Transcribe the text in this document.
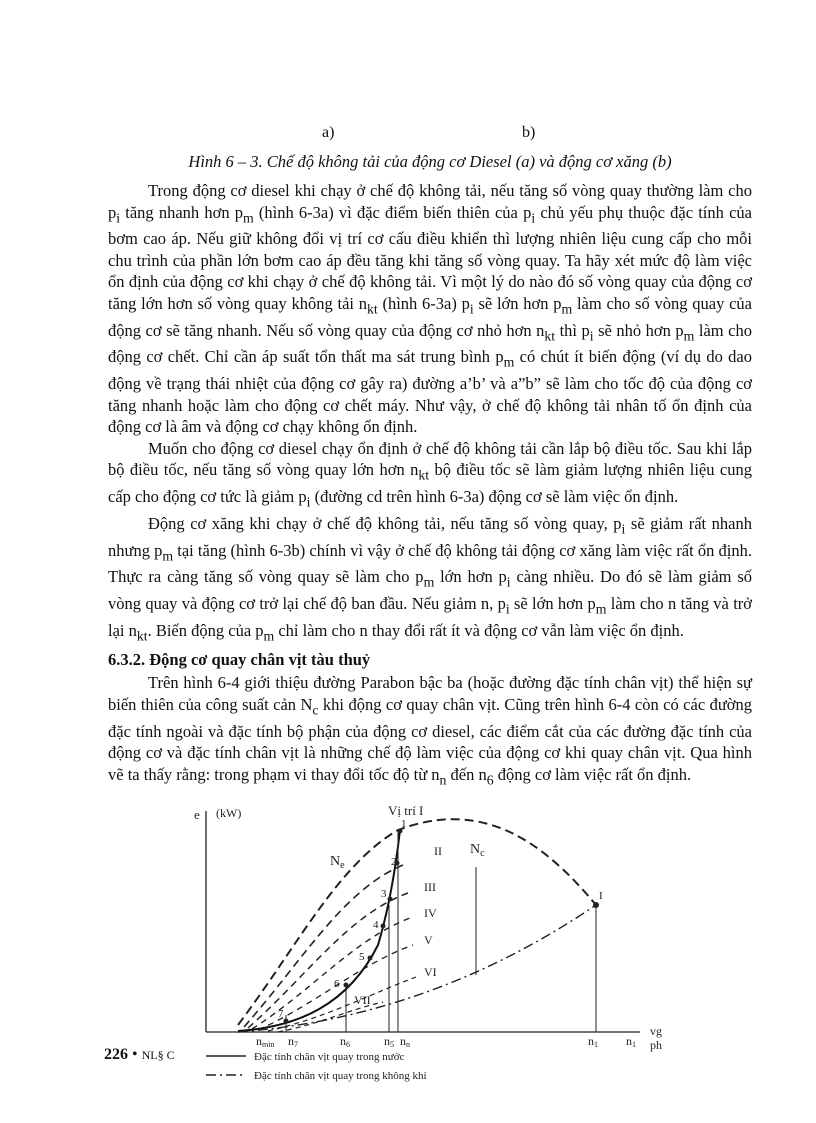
a)	b)
Hình 6 – 3. Chế độ không tải của động cơ Diesel (a) và động cơ xăng (b)

Trong động cơ diesel khi chạy ở chế độ không tải, nếu tăng số vòng quay thường làm cho $p_i$ tăng nhanh hơn $p_m$ (hình 6-3a) vì đặc điểm biến thiên của $p_i$ chủ yếu phụ thuộc đặc tính của bơm cao áp. Nếu giữ không đổi vị trí cơ cấu điều khiển thì lượng nhiên liệu cung cấp cho mỗi chu trình của phần lớn bơm cao áp đều tăng khi tăng số vòng quay. Ta hãy xét mức độ làm việc ổn định của động cơ khi chạy ở chế độ không tải. Vì một lý do nào đó số vòng quay của động cơ tăng lớn hơn số vòng quay không tải $n_{kt}$ (hình 6-3a) $p_i$ sẽ lớn hơn $p_m$ làm cho số vòng quay của động cơ sẽ tăng nhanh. Nếu số vòng quay của động cơ nhỏ hơn $n_{kt}$ thì $p_i$ sẽ nhỏ hơn $p_m$ làm cho động cơ chết. Chỉ cần áp suất tổn thất ma sát trung bình $p_m$ có chút ít biến động (ví dụ do dao động về trạng thái nhiệt của động cơ gây ra) đường a’b’ và a”b” sẽ làm cho tốc độ của động cơ tăng nhanh hoặc làm cho động cơ chết máy. Như vậy, ở chế độ không tải nhân tố ổn định của động cơ là âm và động cơ chạy không ổn định.

Muốn cho động cơ diesel chạy ổn định ở chế độ không tải cần lắp bộ điều tốc. Sau khi lắp bộ điều tốc, nếu tăng số vòng quay lớn hơn $n_{kt}$ bộ điều tốc sẽ làm giảm lượng nhiên liệu cung cấp cho động cơ tức là giảm $p_i$ (đường cd trên hình 6-3a) động cơ sẽ làm việc ổn định.

Động cơ xăng khi chạy ở chế độ không tải, nếu tăng số vòng quay, $p_i$ sẽ giảm rất nhanh nhưng $p_m$ tại tăng (hình 6-3b) chính vì vậy ở chế độ không tải động cơ xăng làm việc rất ổn định. Thực ra càng tăng số vòng quay sẽ làm cho $p_m$ lớn hơn $p_i$ càng nhiều. Do đó sẽ làm giảm số vòng quay và động cơ trở lại chế độ ban đầu. Nếu giảm n, $p_i$ sẽ lớn hơn $p_m$ làm cho n tăng và trở lại $n_{kt}$. Biến động của $p_m$ chỉ làm cho n thay đổi rất ít và động cơ vẫn làm việc ổn định.

6.3.2. Động cơ quay chân vịt tàu thuỷ

Trên hình 6-4 giới thiệu đường Parabon bậc ba (hoặc đường đặc tính chân vịt) thể hiện sự biến thiên của công suất cản $N_c$ khi động cơ quay chân vịt. Cũng trên hình 6-4 còn có các đường đặc tính ngoài và đặc tính bộ phận của động cơ diesel, các điểm cắt của các đường đặc tính của động cơ và đặc tính chân vịt là những chế độ làm việc của động cơ khi quay chân vịt. Qua hình vẽ ta thấy rằng: trong phạm vi thay đổi tốc độ từ $n_n$ đến $n_6$ động cơ làm việc rất ổn định.

e (kW)	Vị trí I
$N_e$
$N_c$
1
2
3
4
5
6
7
I
II
III
IV
V
VI
VII
nmin n7	n6	n5 nn	n1 n1
vg
ph
Đặc tính chân vịt quay trong nước
Đặc tính chân vịt quay trong không khí
226 • NL§ C
